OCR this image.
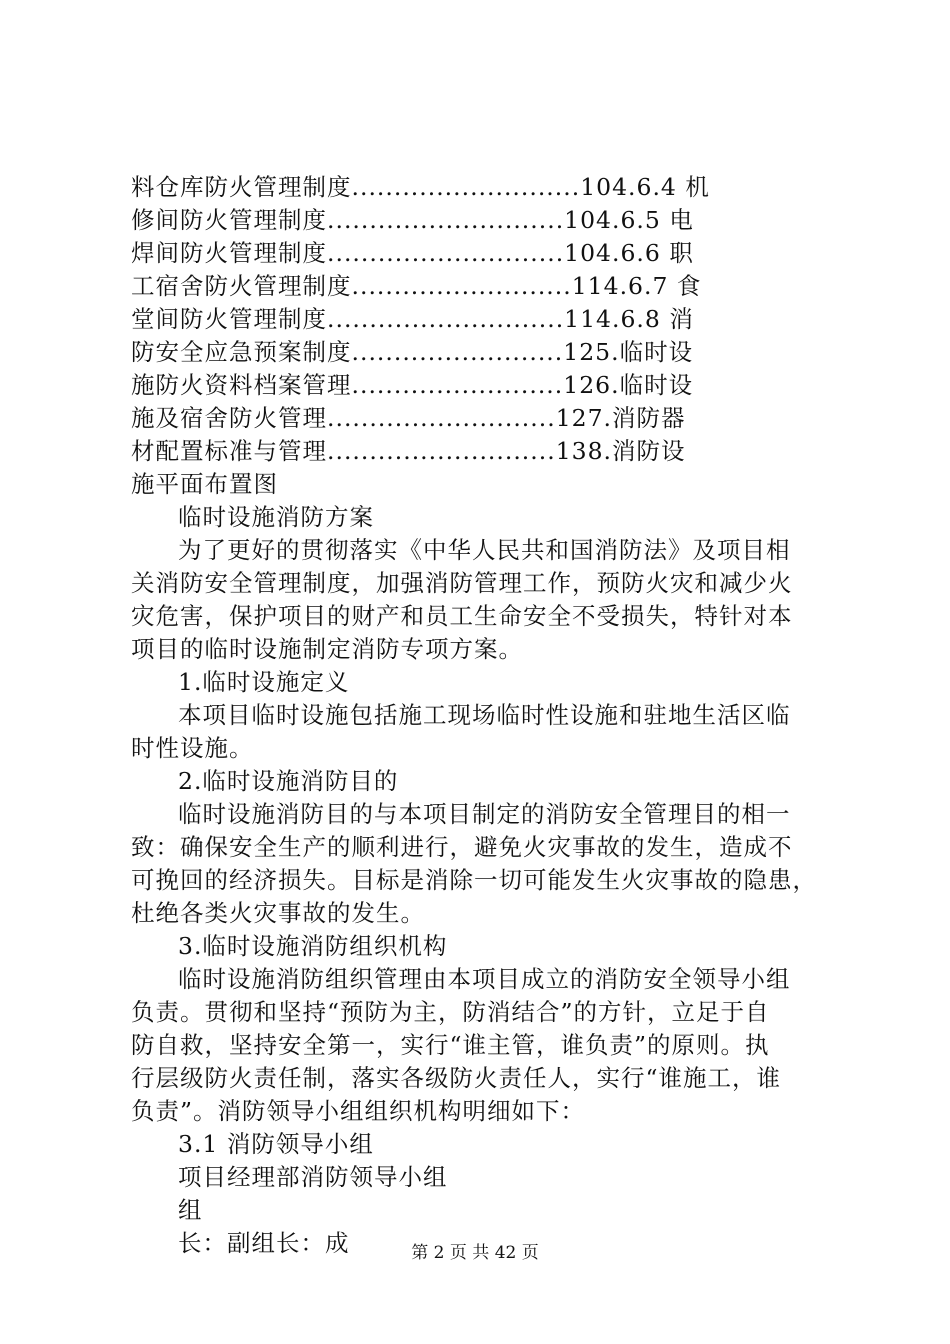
料仓库防火管理制度...........................104.6.4 机
修间防火管理制度............................104.6.5 电
焊间防火管理制度............................104.6.6 职
工宿舍防火管理制度..........................114.6.7 食
堂间防火管理制度............................114.6.8 消
防安全应急预案制度.........................125.临时设
施防火资料档案管理.........................126.临时设
施及宿舍防火管理...........................127.消防器
材配置标准与管理...........................138.消防设
施平面布置图
临时设施消防方案
为了更好的贯彻落实《中华人民共和国消防法》及项目相
关消防安全管理制度，加强消防管理工作，预防火灾和减少火
灾危害，保护项目的财产和员工生命安全不受损失，特针对本
项目的临时设施制定消防专项方案。
1.临时设施定义
本项目临时设施包括施工现场临时性设施和驻地生活区临
时性设施。
2.临时设施消防目的
临时设施消防目的与本项目制定的消防安全管理目的相一
致：确保安全生产的顺利进行，避免火灾事故的发生，造成不
可挽回的经济损失。目标是消除一切可能发生火灾事故的隐患，
杜绝各类火灾事故的发生。
3.临时设施消防组织机构
临时设施消防组织管理由本项目成立的消防安全领导小组
负责。贯彻和坚持“预防为主，防消结合”的方针，立足于自
防自救，坚持安全第一，实行“谁主管，谁负责”的原则。执
行层级防火责任制，落实各级防火责任人，实行“谁施工，谁
负责”。消防领导小组组织机构明细如下：
3.1 消防领导小组
项目经理部消防领导小组
组
长：副组长：成	第 2 页 共 42 页
